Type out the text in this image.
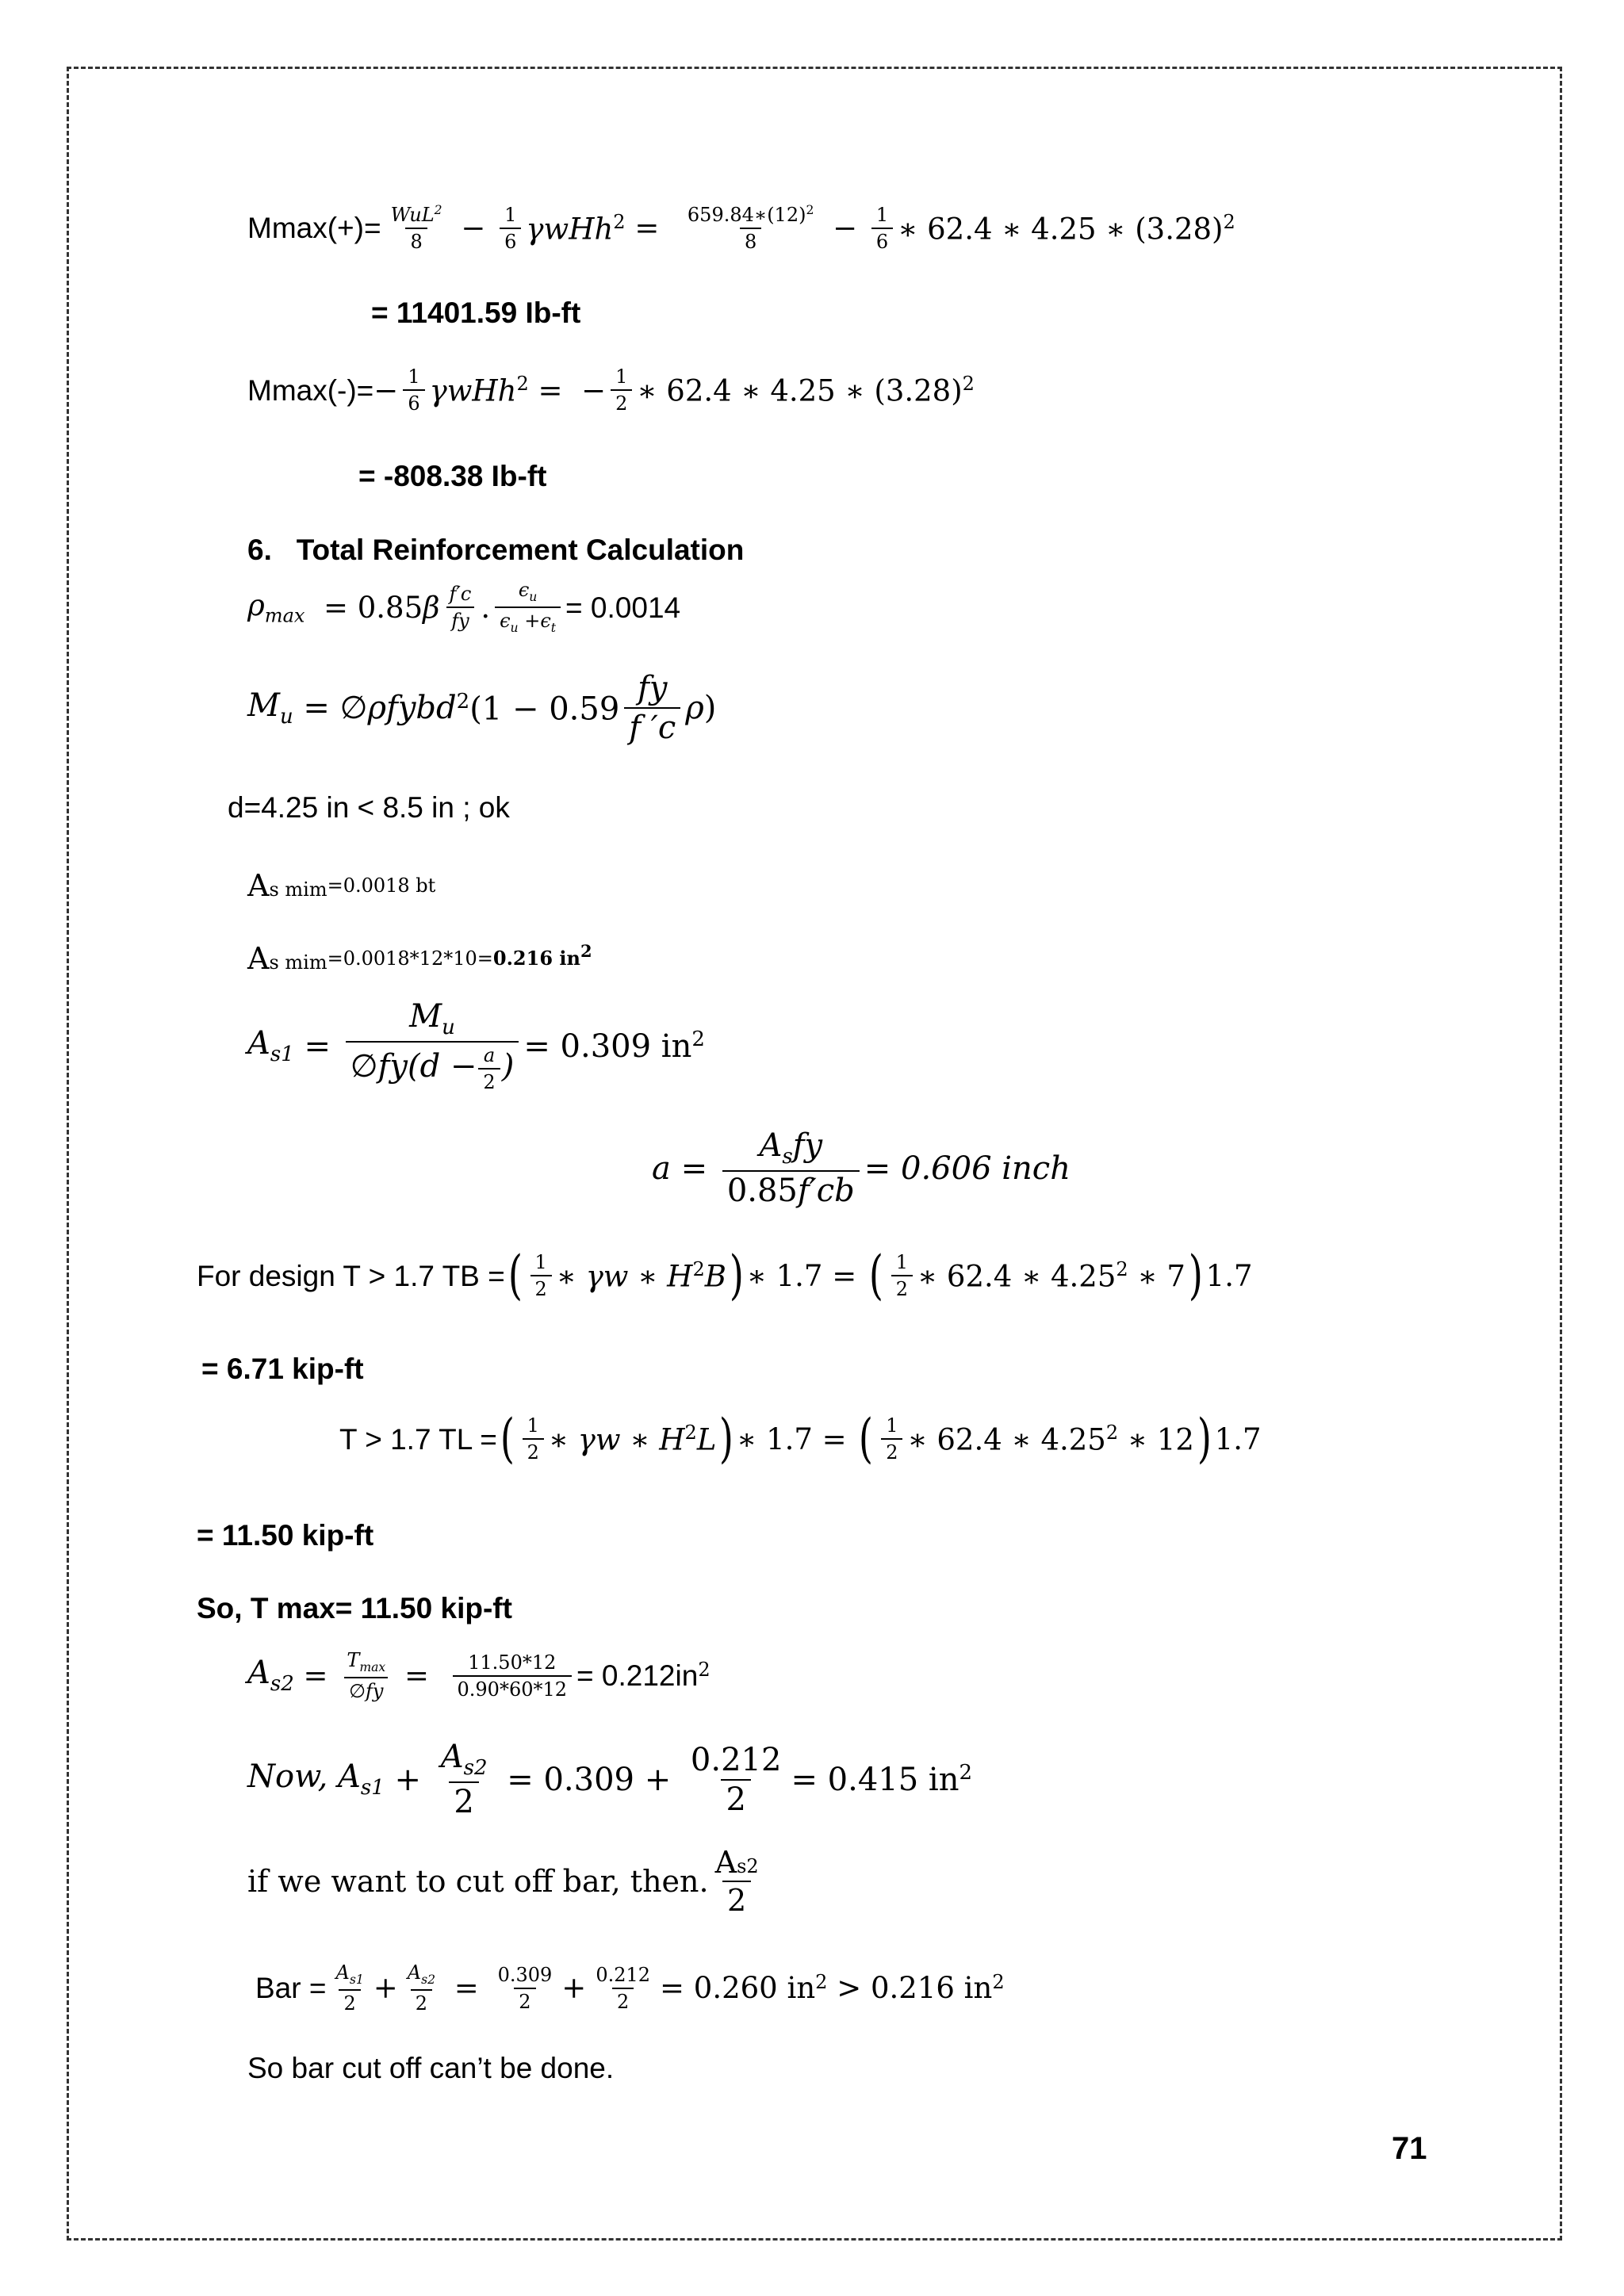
$Mmax(+)= \frac{WuL^2}{8} - \frac{1}{6} \gamma wHh^2 = \frac{659.84∗(12)^2}{8} - \frac{1}{6}$ ∗ 62.4 ∗ 4.25 ∗ $(3.28)^2$
= 11401.59 Ib-ft
$Mmax(-)= - \frac{1}{6} \gamma wHh^2$ =  − $\frac{1}{2}$ ∗ 62.4 ∗ 4.25 ∗ $(3.28)^2$
= -808.38 Ib-ft
6.   Total Reinforcement Calculation
$\rho_{max} = 0.85$ β $\frac{f'c}{fy}$ . $\frac{\epsilon_u}{\epsilon_u +\epsilon_t} = 0.0014$
$M_u$ = ∅ ρfybd $^2(1 - 0.59 \frac{fy}{f 'c}$ ρ )
d=4.25 in < 8.5 in ; ok
As mim =0.0018 bt
As mim =0.0018*12*10= 0.216 in 2
$A_{s1} = \frac{M_u}{\emptyset fy(d - \frac{a}{2} )} = 0.309$ in $^2$
$a = \frac{A_sfy}{0.85f'cb} = 0.606$ inch
For design T > 1.7 TB = ( $\frac{1}{2}$ ∗ γw ∗ $H^2B$ ) ∗ 1.7 = ( $\frac{1}{2}$ ∗ 62.4 ∗ 4.25$^2$ ∗ 7 ) 1.7
= 6.71 kip-ft
T > 1.7 TL = ( $\frac{1}{2}$ ∗ γw ∗ $H^2L$ ) ∗ 1.7 = ( $\frac{1}{2}$ ∗ 62.4 ∗ 4.25$^2$ ∗ 12 ) 1.7
= 11.50 kip-ft
So, T max= 11.50 kip-ft
$A_{s2} = \frac{T_{max}}{\emptyset fy} = \frac{11.50*12}{0.90*60*12} = 0.212in$ $^2$
Now, $A_{s1} + \frac{A_{s2}}{2} = 0.309 + \frac{0.212}{2} = 0.415$ in $^2$
if we want to cut off bar, then. $\frac{As2}{2}$
Bar = $\frac{A_{s1}}{2} + \frac{A_{s2}}{2} = \frac{0.309}{2} + \frac{0.212}{2} = 0.260$ in $^2$ > 0.216 in $^2$
So bar cut off can’t be done.
71
